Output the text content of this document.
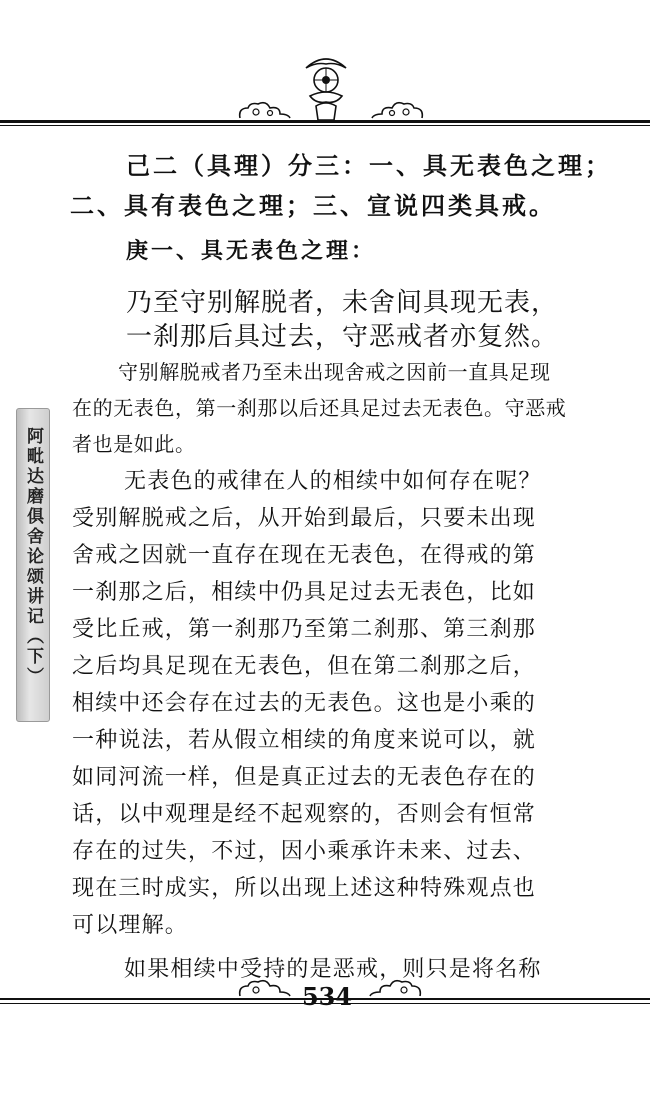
阿毗达磨俱舍论颂讲记（下）
己二（具理）分三：一、具无表色之理；
二、具有表色之理；三、宣说四类具戒。
庚一、具无表色之理：
乃至守别解脱者，未舍间具现无表，
一刹那后具过去，守恶戒者亦复然。
守别解脱戒者乃至未出现舍戒之因前一直具足现
在的无表色，第一刹那以后还具足过去无表色。守恶戒
者也是如此。
无表色的戒律在人的相续中如何存在呢？
受别解脱戒之后，从开始到最后，只要未出现
舍戒之因就一直存在现在无表色，在得戒的第
一刹那之后，相续中仍具足过去无表色，比如
受比丘戒，第一刹那乃至第二刹那、第三刹那
之后均具足现在无表色，但在第二刹那之后，
相续中还会存在过去的无表色。这也是小乘的
一种说法，若从假立相续的角度来说可以，就
如同河流一样，但是真正过去的无表色存在的
话，以中观理是经不起观察的，否则会有恒常
存在的过失，不过，因小乘承许未来、过去、
现在三时成实，所以出现上述这种特殊观点也
可以理解。
如果相续中受持的是恶戒，则只是将名称
534
